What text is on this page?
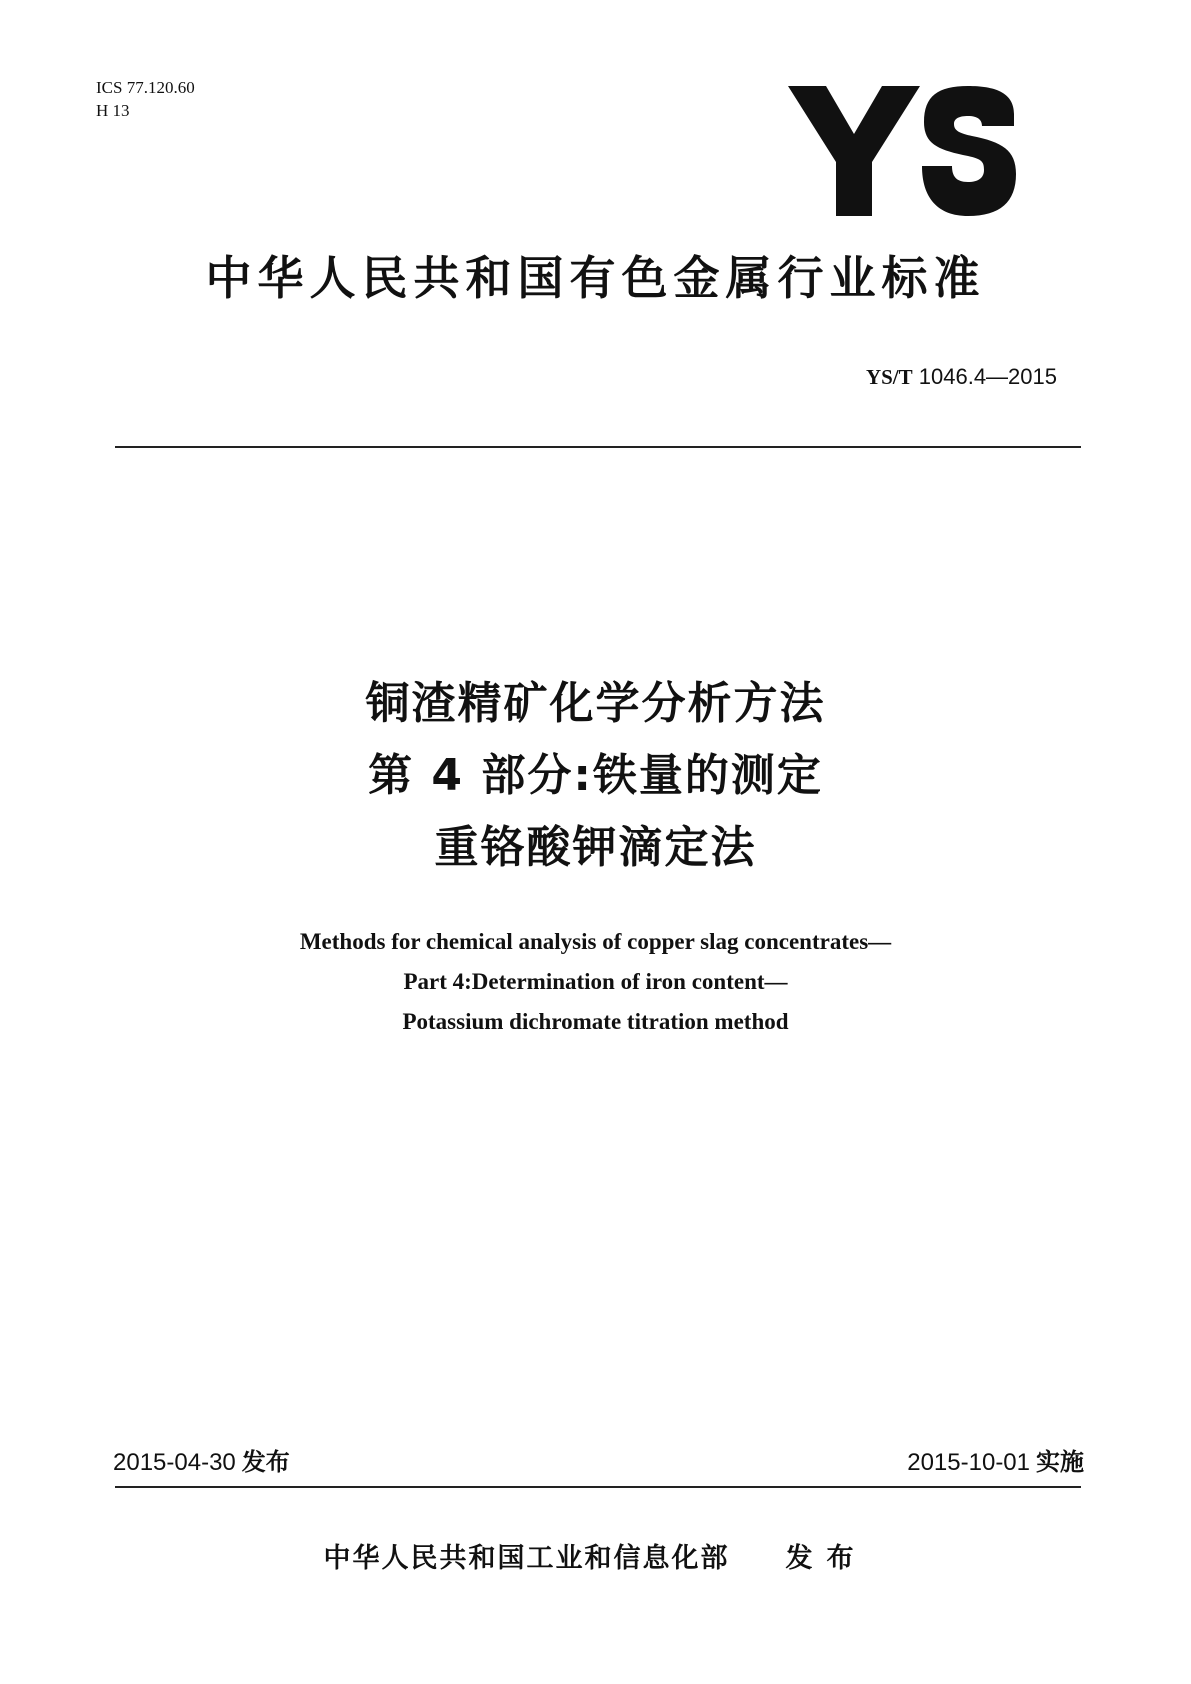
ICS 77.120.60
H 13
中华人民共和国有色金属行业标准
YS/T 1046.4—2015
铜渣精矿化学分析方法
第 4 部分:铁量的测定
重铬酸钾滴定法
Methods for chemical analysis of copper slag concentrates—
Part 4:Determination of iron content—
Potassium dichromate titration method
2015-04-30 发布	2015-10-01 实施
中华人民共和国工业和信息化部 发布
